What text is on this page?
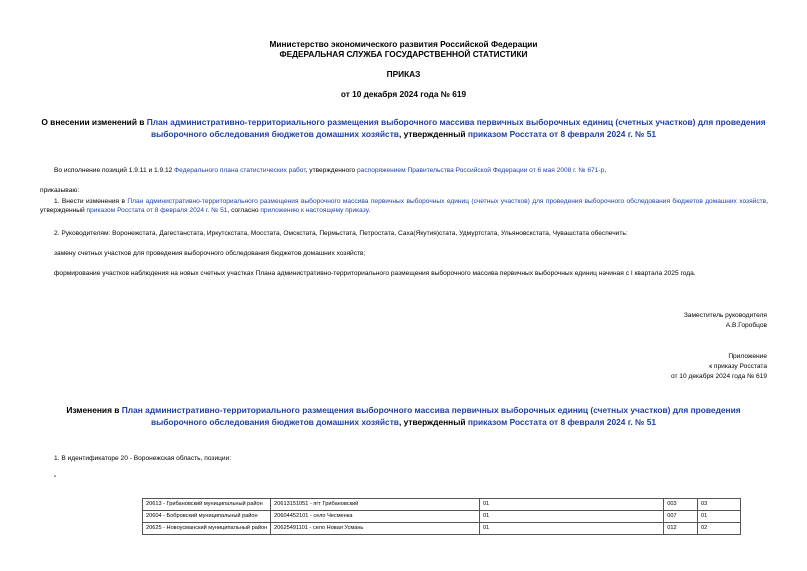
Министерство экономического развития Российской Федерации
ФЕДЕРАЛЬНАЯ СЛУЖБА ГОСУДАРСТВЕННОЙ СТАТИСТИКИ
ПРИКАЗ
от 10 декабря 2024 года № 619
О внесении изменений в План административно-территориального размещения выборочного массива первичных выборочных единиц (счетных участков) для проведения выборочного обследования бюджетов домашних хозяйств, утвержденный приказом Росстата от 8 февраля 2024 г. № 51
Во исполнение позиций 1.9.11 и 1.9.12 Федерального плана статистических работ, утвержденного распоряжением Правительства Российской Федерации от 6 мая 2008 г. № 671-р,
приказываю:
1. Внести изменения в План административно-территориального размещения выборочного массива первичных выборочных единиц (счетных участков) для проведения выборочного обследования бюджетов домашних хозяйств, утвержденный приказом Росстата от 8 февраля 2024 г. № 51, согласно приложению к настоящему приказу.
2. Руководителям: Воронежстата, Дагестанстата, Иркутскстата, Мосстата, Омскстата, Пермьстата, Петростата, Саха(Якутия)стата, Удмуртстата, Ульяновскстата, Чувашстата обеспечить:
замену счетных участков для проведения выборочного обследования бюджетов домашних хозяйств;
формирование участков наблюдения на новых счетных участках Плана административно-территориального размещения выборочного массива первичных выборочных единиц начиная с I квартала 2025 года.
Заместитель руководителя
А.В.Горобцов
Приложение
к приказу Росстата
от 10 декабря 2024 года № 619
Изменения в План административно-территориального размещения выборочного массива первичных выборочных единиц (счетных участков) для проведения выборочного обследования бюджетов домашних хозяйств, утвержденный приказом Росстата от 8 февраля 2024 г. № 51
1. В идентификаторе 20 - Воронежская область, позиции:
"
20613 - Грибановский муниципальный район	20613151051 - пгт Грибановский	01	003	03
20604 - Бобровский муниципальный район	20604452101 - село Чесменка	01	007	01
20625 - Новоусманский муниципальный район	20625491101 - село Новая Усмань	01	012	02
